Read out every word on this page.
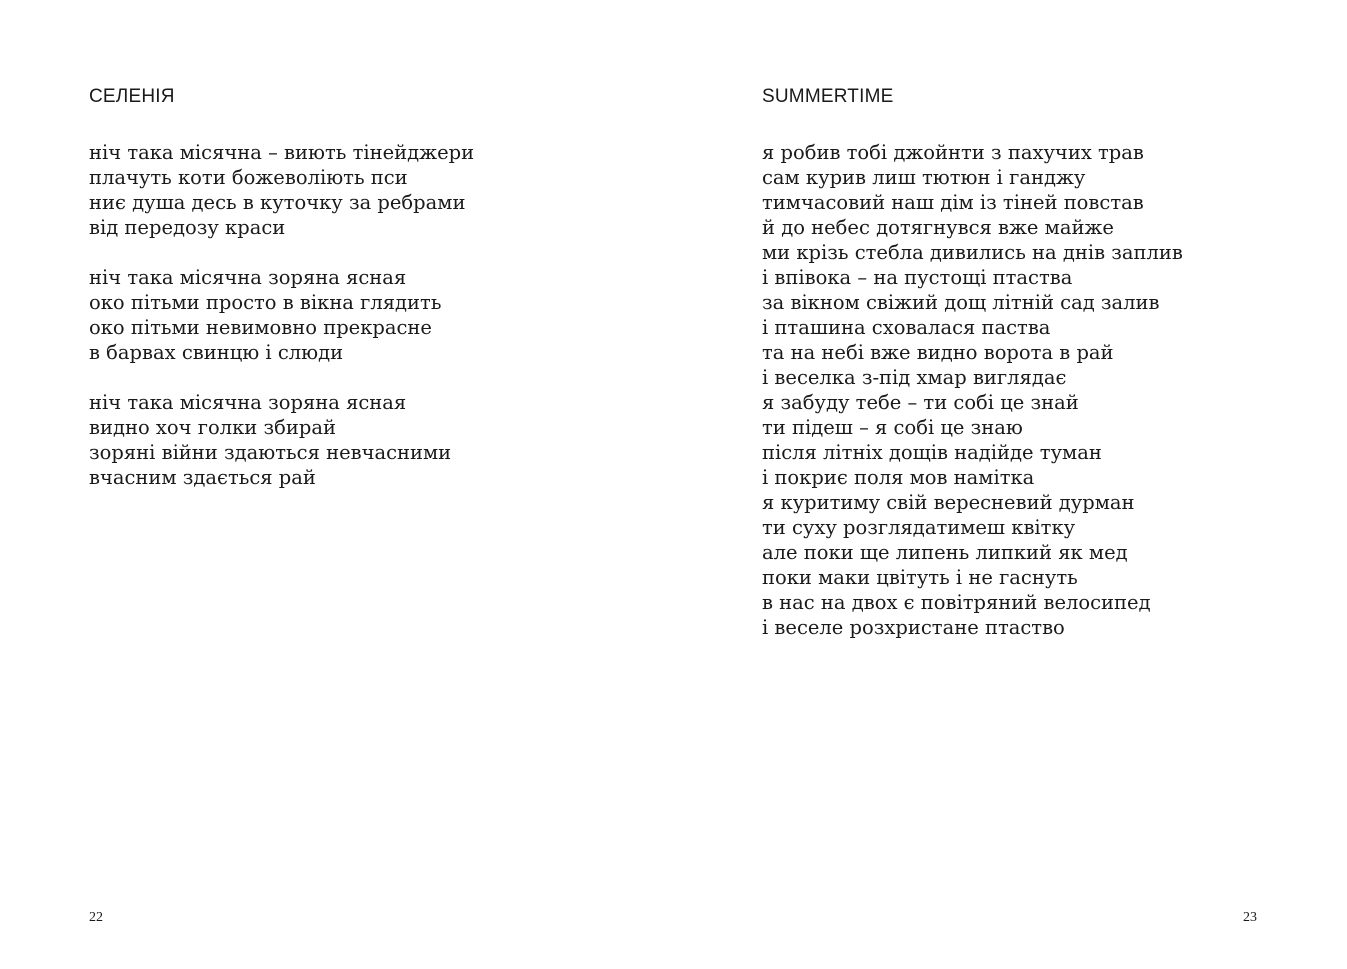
СЕЛЕНІЯ
ніч така місячна – виють тінейджери
плачуть коти божеволіють пси
ниє душа десь в куточку за ребрами
від передозу краси
ніч така місячна зоряна ясная
око пітьми просто в вікна глядить
око пітьми невимовно прекрасне
в барвах свинцю і слюди
ніч така місячна зоряна ясная
видно хоч голки збирай
зоряні війни здаються невчасними
вчасним здається рай
22
SUMMERTIME
я робив тобі джойнти з пахучих трав
сам курив лиш тютюн і ганджу
тимчасовий наш дім із тіней повстав
й до небес дотягнувся вже майже
ми крізь стебла дивились на днів заплив
і впівока – на пустощі птаства
за вікном свіжий дощ літній сад залив
і пташина сховалася паства
та на небі вже видно ворота в рай
і веселка з-під хмар виглядає
я забуду тебе – ти собі це знай
ти підеш – я собі це знаю
після літніх дощів надійде туман
і покриє поля мов намітка
я куритиму свій вересневий дурман
ти суху розглядатимеш квітку
але поки ще липень липкий як мед
поки маки цвітуть і не гаснуть
в нас на двох є повітряний велосипед
і веселе розхристане птаство
23
